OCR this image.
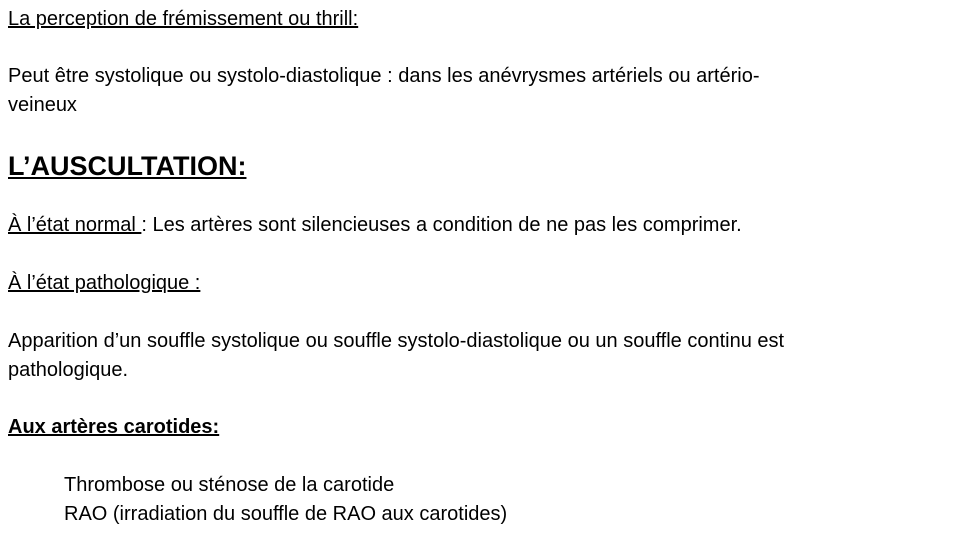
La perception de frémissement ou thrill:
Peut être systolique ou systolo-diastolique : dans les anévrysmes artériels ou artério-
veineux
L’AUSCULTATION:
À l’état normal : Les artères sont silencieuses a condition de ne pas les comprimer.
À l’état pathologique :
Apparition d’un souffle systolique ou souffle systolo-diastolique ou un souffle continu est
pathologique.
Aux artères carotides:
Thrombose ou sténose de la carotide
RAO (irradiation du souffle de RAO aux carotides)
